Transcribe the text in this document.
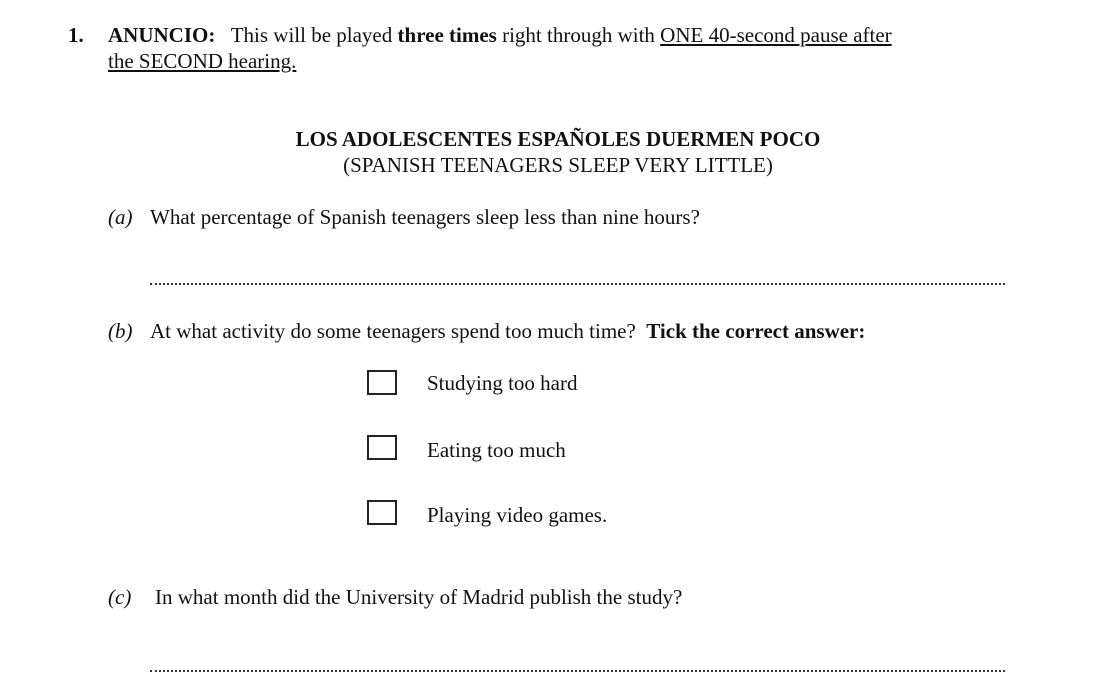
1. ANUNCIO: This will be played three times right through with ONE 40-second pause after
the SECOND hearing.
LOS ADOLESCENTES ESPAÑOLES DUERMEN POCO
(SPANISH TEENAGERS SLEEP VERY LITTLE)
(a) What percentage of Spanish teenagers sleep less than nine hours?
(b) At what activity do some teenagers spend too much time? Tick the correct answer:
Studying too hard
Eating too much
Playing video games.
(c) In what month did the University of Madrid publish the study?
